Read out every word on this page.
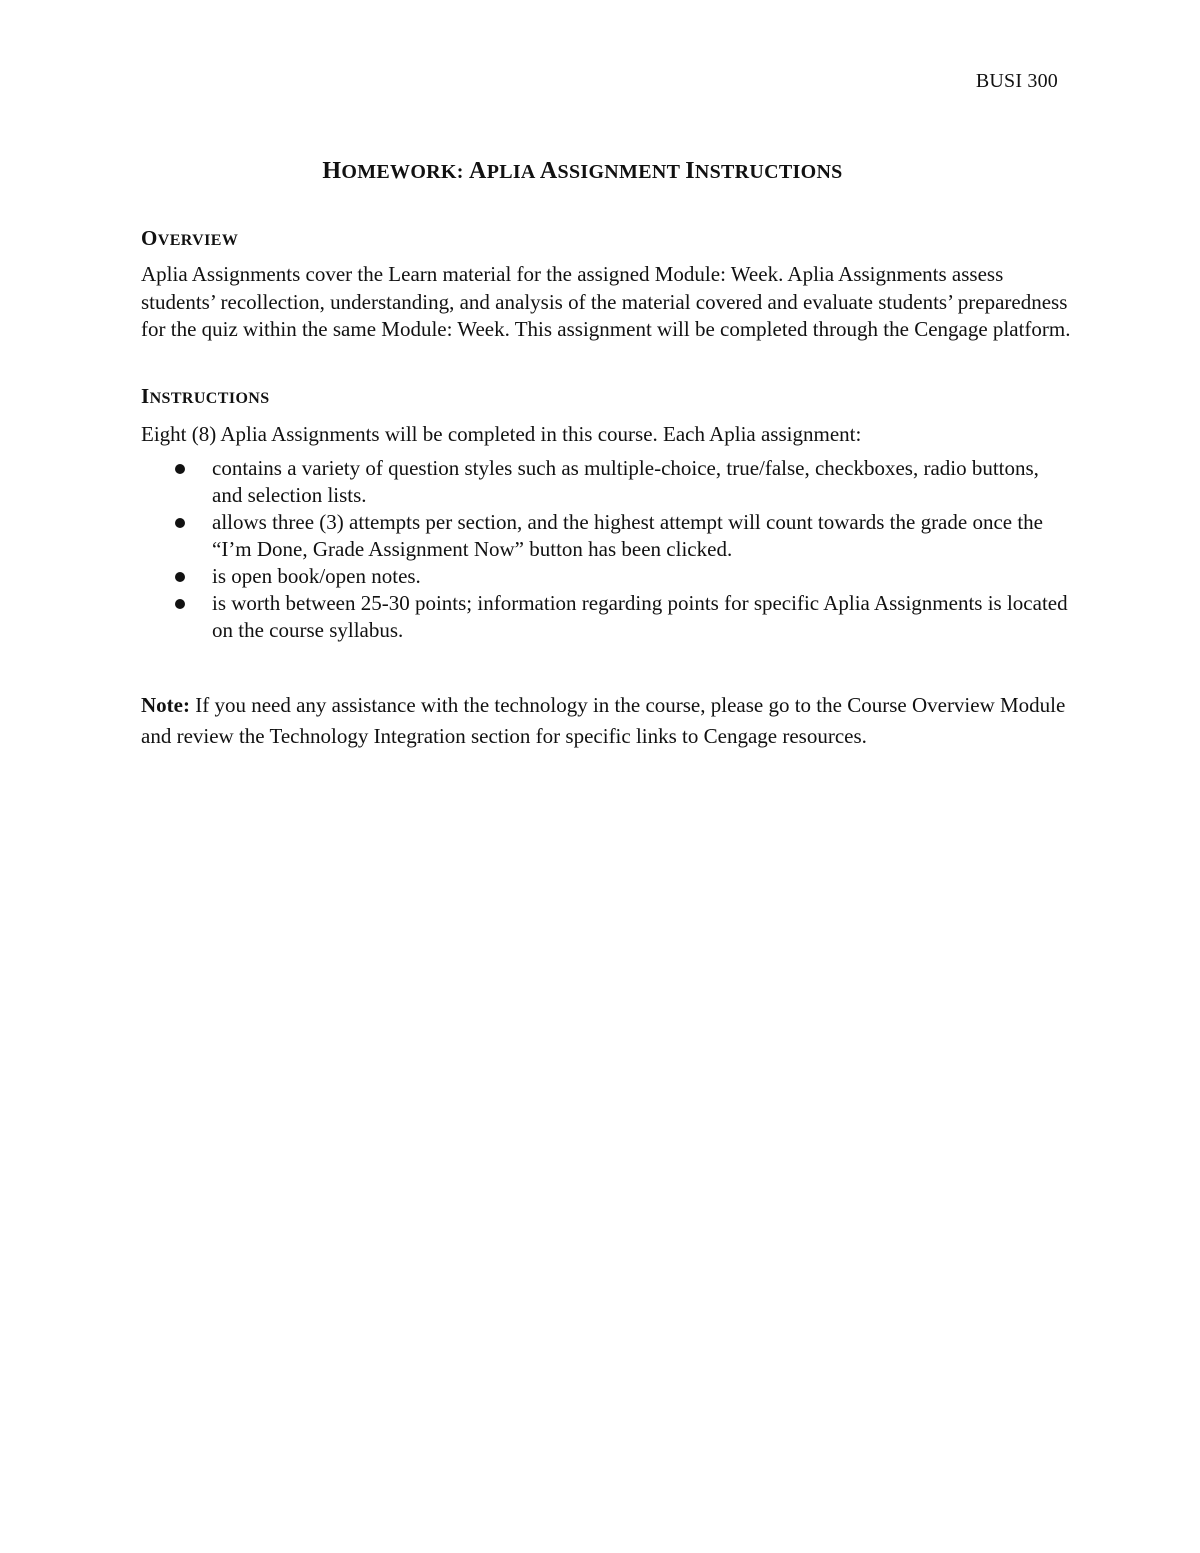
BUSI 300
HOMEWORK: APLIA ASSIGNMENT INSTRUCTIONS
OVERVIEW

Aplia Assignments cover the Learn material for the assigned Module: Week. Aplia Assignments assess students’ recollection, understanding, and analysis of the material covered and evaluate students’ preparedness for the quiz within the same Module: Week. This assignment will be completed through the Cengage platform.

INSTRUCTIONS

Eight (8) Aplia Assignments will be completed in this course. Each Aplia assignment:

contains a variety of question styles such as multiple-choice, true/false, checkboxes, radio buttons, and selection lists.
allows three (3) attempts per section, and the highest attempt will count towards the grade once the “I’m Done, Grade Assignment Now” button has been clicked.
is open book/open notes.
is worth between 25-30 points; information regarding points for specific Aplia Assignments is located on the course syllabus.

Note: If you need any assistance with the technology in the course, please go to the Course Overview Module and review the Technology Integration section for specific links to Cengage resources.
